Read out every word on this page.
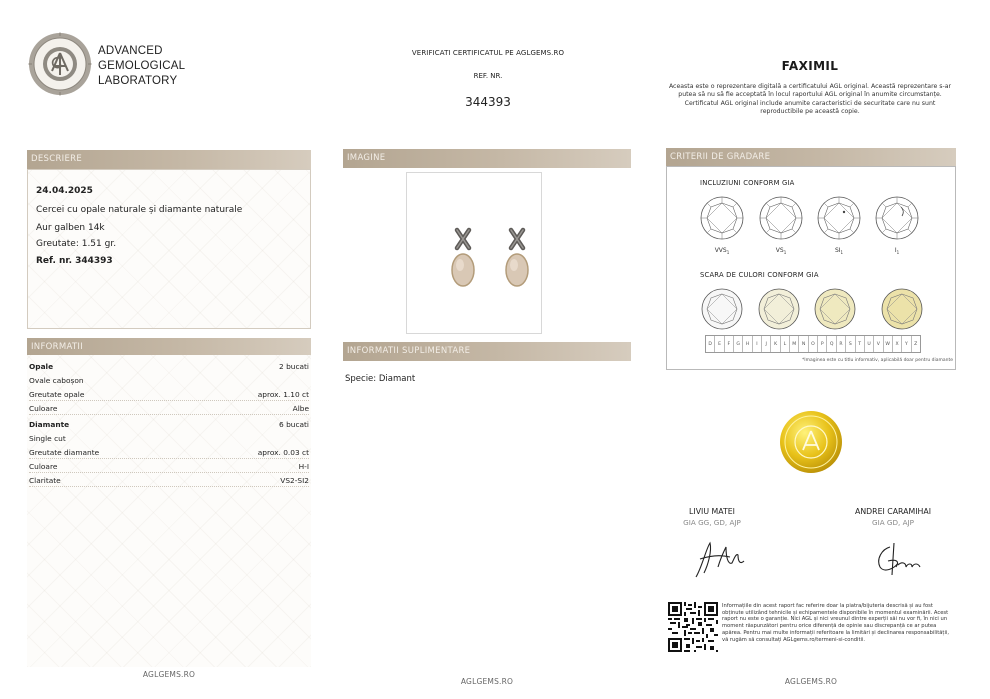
ADVANCED
GEMOLOGICAL
LABORATORY
VERIFICATI CERTIFICATUL PE AGLGEMS.RO
REF. NR.
344393
FAXIMIL
Aceasta este o reprezentare digitală a certificatului AGL original. Această reprezentare s-ar putea să nu să fie acceptată în locul raportului AGL original în anumite circumstanțe. Certificatul AGL original include anumite caracteristici de securitate care nu sunt reproductibile pe această copie.
DESCRIERE
24.04.2025
Cercei cu opale naturale și diamante naturale
Aur galben 14k
Greutate: 1.51 gr.
Ref. nr. 344393
INFORMATII
Opale	2 bucati
Ovale caboșon
Greutate opale	aprox. 1.10 ct
Culoare	Albe
Diamante	6 bucati
Single cut
Greutate diamante	aprox. 0.03 ct
Culoare	H-I
Claritate	VS2-SI2
AGLGEMS.RO
IMAGINE
INFORMATII SUPLIMENTARE
Specie: Diamant
AGLGEMS.RO
CRITERII DE GRADARE
INCLUZIUNI CONFORM GIA
$VVS_1$	$VS_1$	$SI_1$	$I_1$
SCARA DE CULORI CONFORM GIA
D	E	F	G	H	I	J	K	L	M	N	O	P	Q	R	S	T	U	V	W	X	Y	Z
*Imaginea este cu titlu informativ, aplicabilă doar pentru diamante
LIVIU MATEI
GIA GG, GD, AJP
ANDREI CARAMIHAI
GIA GD, AJP
Informațiile din acest raport fac referire doar la piatra/bijuteria descrisă și au fost obținute utilizând tehnicile și echipamentele disponibile în momentul examinării. Acest raport nu este o garanție. Nici AGL și nici vreunul dintre experții săi nu vor fi, în nici un moment răspunzători pentru orice diferență de opinie sau discrepanță ce ar putea apărea. Pentru mai multe informații referitoare la limitări și declinarea responsabilității, vă rugăm să consultați AGLgems.ro/termeni-si-conditii.
AGLGEMS.RO
